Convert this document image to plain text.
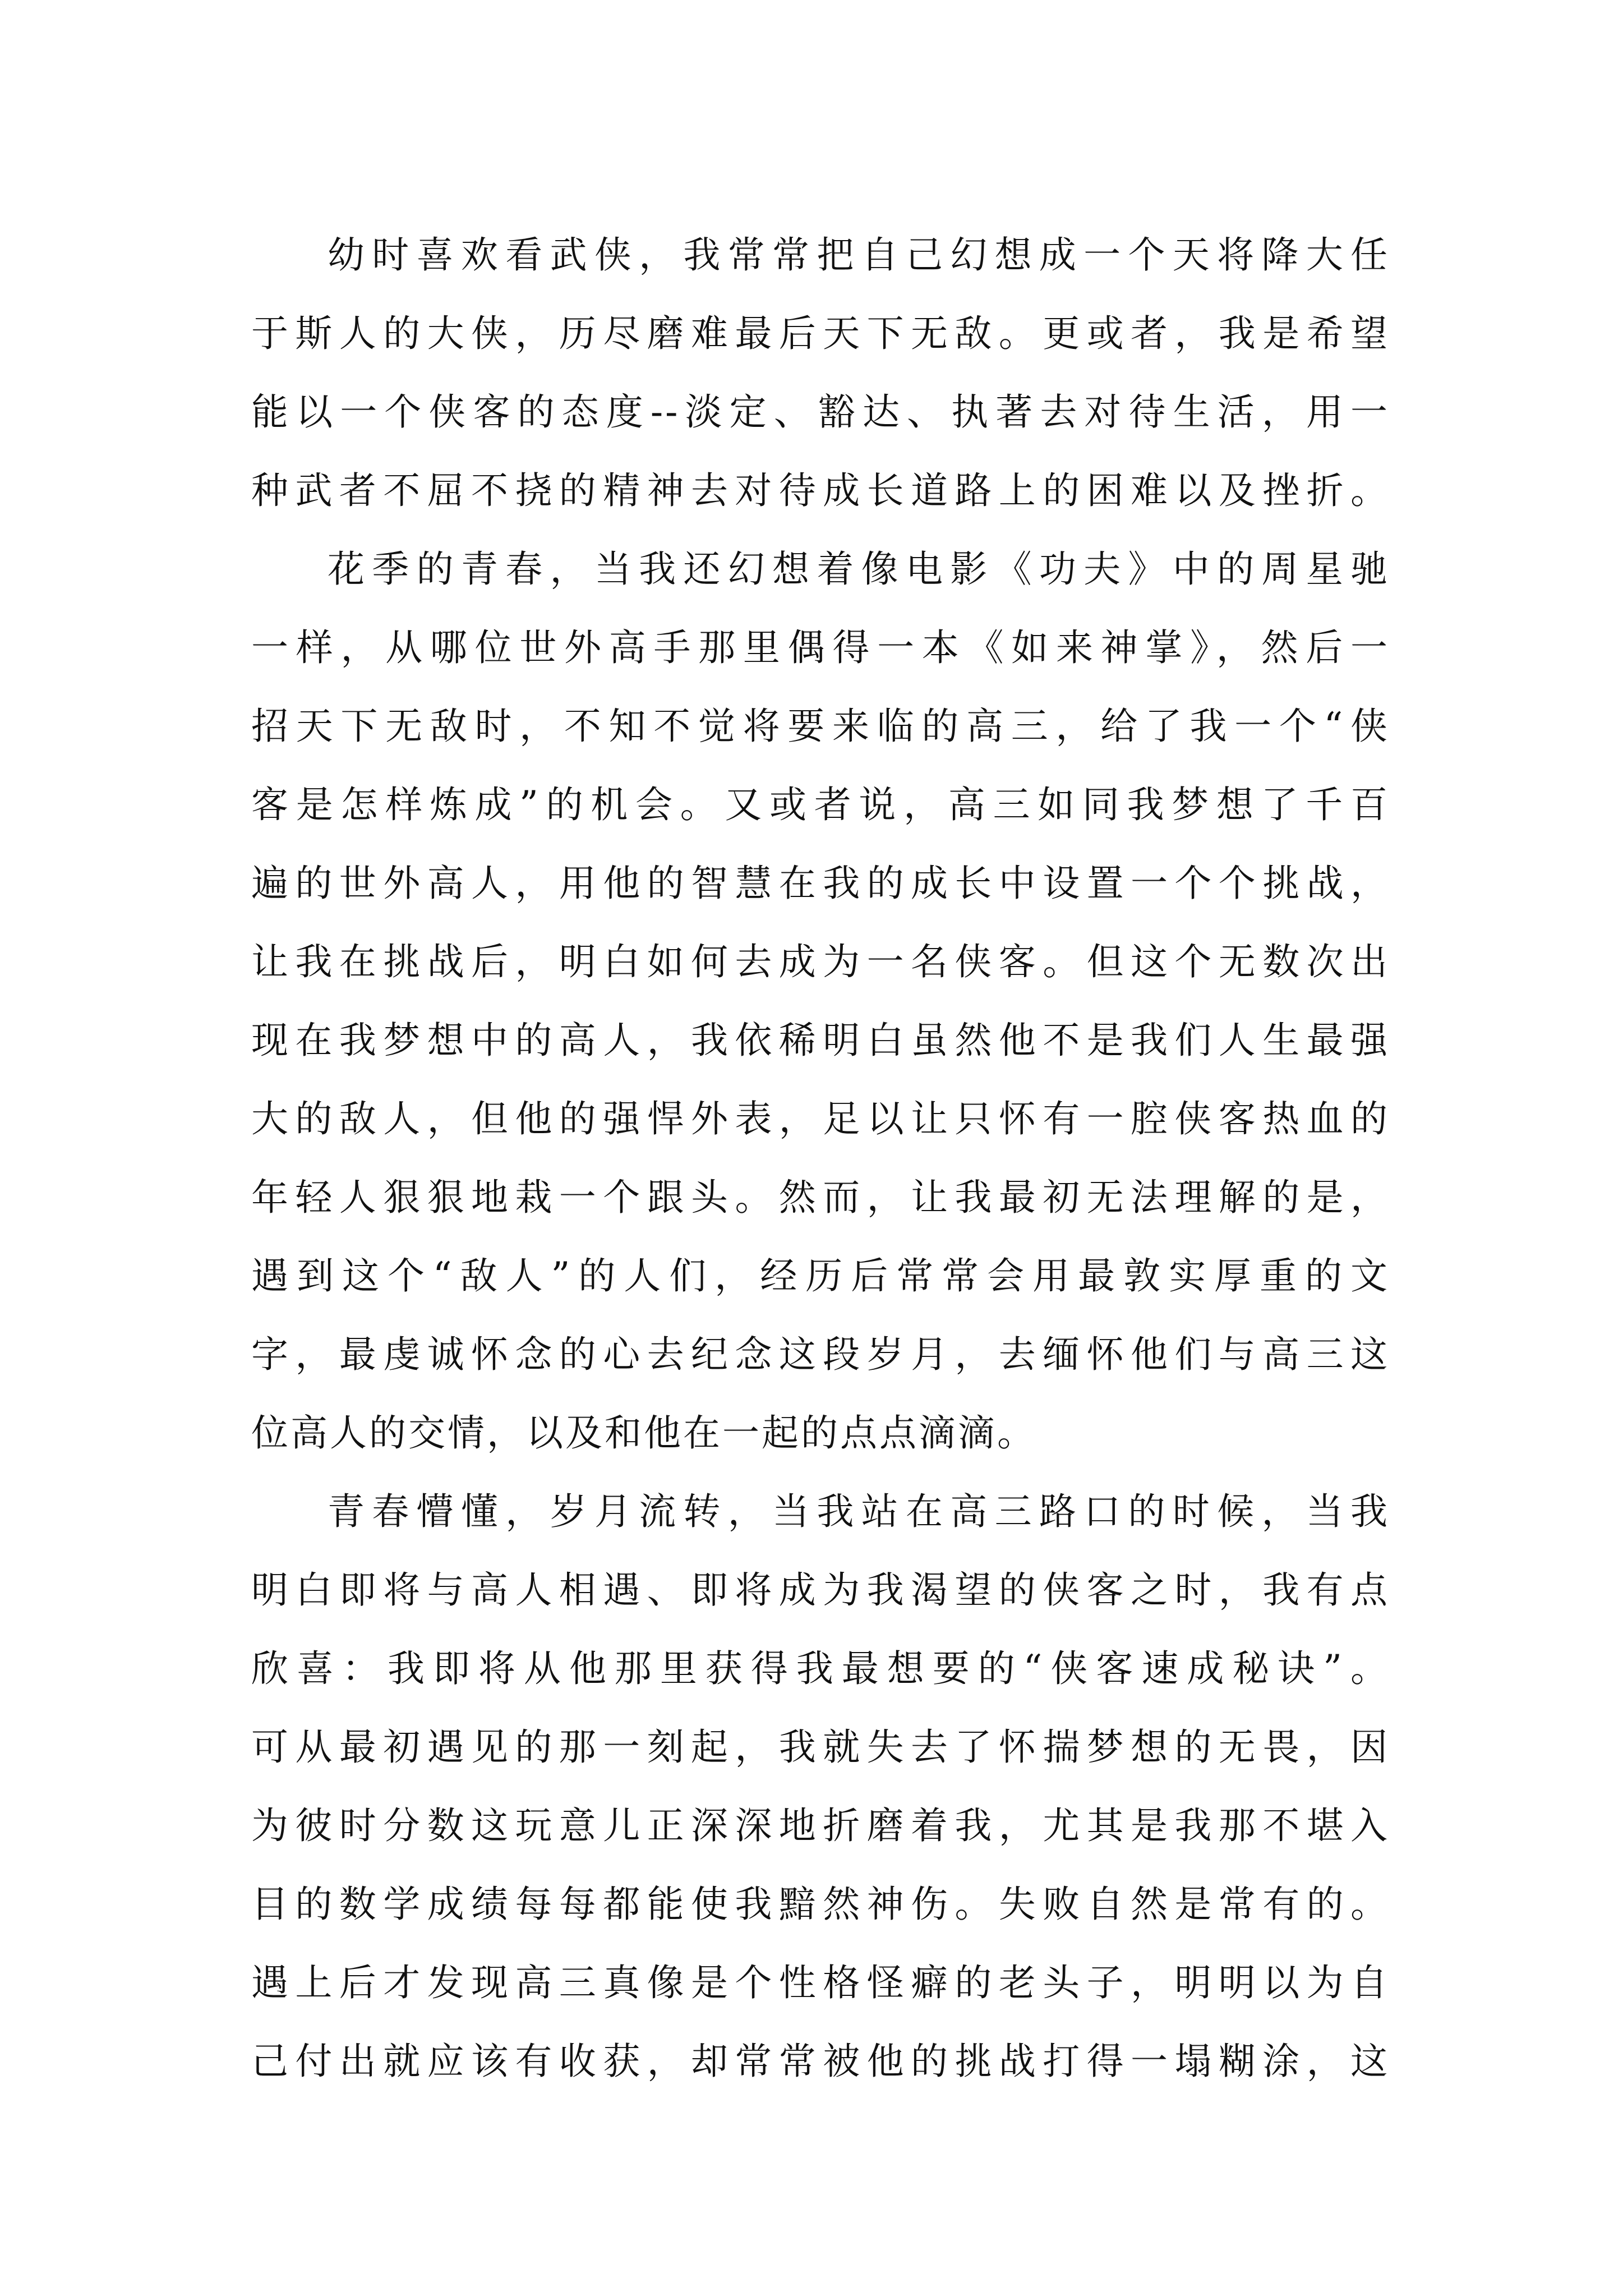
幼时喜欢看武侠，我常常把自己幻想成一个天将降大任
于斯人的大侠，历尽磨难最后天下无敌。更或者，我是希望
能以一个侠客的态度--淡定、豁达、执著去对待生活，用一
种武者不屈不挠的精神去对待成长道路上的困难以及挫折。
花季的青春，当我还幻想着像电影《功夫》中的周星驰
一样，从哪位世外高手那里偶得一本《如来神掌》，然后一
招天下无敌时，不知不觉将要来临的高三，给了我一个“侠
客是怎样炼成”的机会。又或者说，高三如同我梦想了千百
遍的世外高人，用他的智慧在我的成长中设置一个个挑战，
让我在挑战后，明白如何去成为一名侠客。但这个无数次出
现在我梦想中的高人，我依稀明白虽然他不是我们人生最强
大的敌人，但他的强悍外表，足以让只怀有一腔侠客热血的
年轻人狠狠地栽一个跟头。然而，让我最初无法理解的是，
遇到这个“敌人”的人们，经历后常常会用最敦实厚重的文
字，最虔诚怀念的心去纪念这段岁月，去缅怀他们与高三这
位高人的交情，以及和他在一起的点点滴滴。
青春懵懂，岁月流转，当我站在高三路口的时候，当我
明白即将与高人相遇、即将成为我渴望的侠客之时，我有点
欣喜：我即将从他那里获得我最想要的“侠客速成秘诀”。
可从最初遇见的那一刻起，我就失去了怀揣梦想的无畏，因
为彼时分数这玩意儿正深深地折磨着我，尤其是我那不堪入
目的数学成绩每每都能使我黯然神伤。失败自然是常有的。
遇上后才发现高三真像是个性格怪癖的老头子，明明以为自
己付出就应该有收获，却常常被他的挑战打得一塌糊涂，这
